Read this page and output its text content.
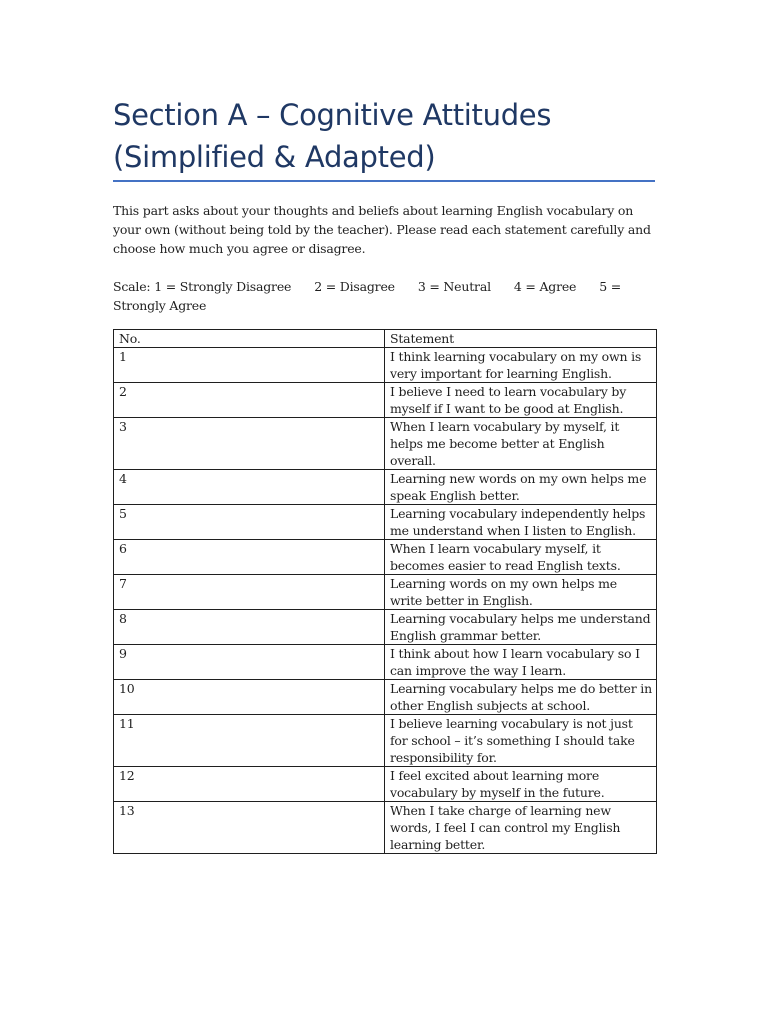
Section A – Cognitive Attitudes (Simplified & Adapted)

This part asks about your thoughts and beliefs about learning English vocabulary on your own (without being told by the teacher). Please read each statement carefully and choose how much you agree or disagree.

Scale: 1 = Strongly Disagree 2 = Disagree 3 = Neutral 4 = Agree 5 = Strongly Agree

No.	Statement
1	I think learning vocabulary on my own is very important for learning English.
2	I believe I need to learn vocabulary by myself if I want to be good at English.
3	When I learn vocabulary by myself, it helps me become better at English overall.
4	Learning new words on my own helps me speak English better.
5	Learning vocabulary independently helps me understand when I listen to English.
6	When I learn vocabulary myself, it becomes easier to read English texts.
7	Learning words on my own helps me write better in English.
8	Learning vocabulary helps me understand English grammar better.
9	I think about how I learn vocabulary so I can improve the way I learn.
10	Learning vocabulary helps me do better in other English subjects at school.
11	I believe learning vocabulary is not just for school – it’s something I should take responsibility for.
12	I feel excited about learning more vocabulary by myself in the future.
13	When I take charge of learning new words, I feel I can control my English learning better.
